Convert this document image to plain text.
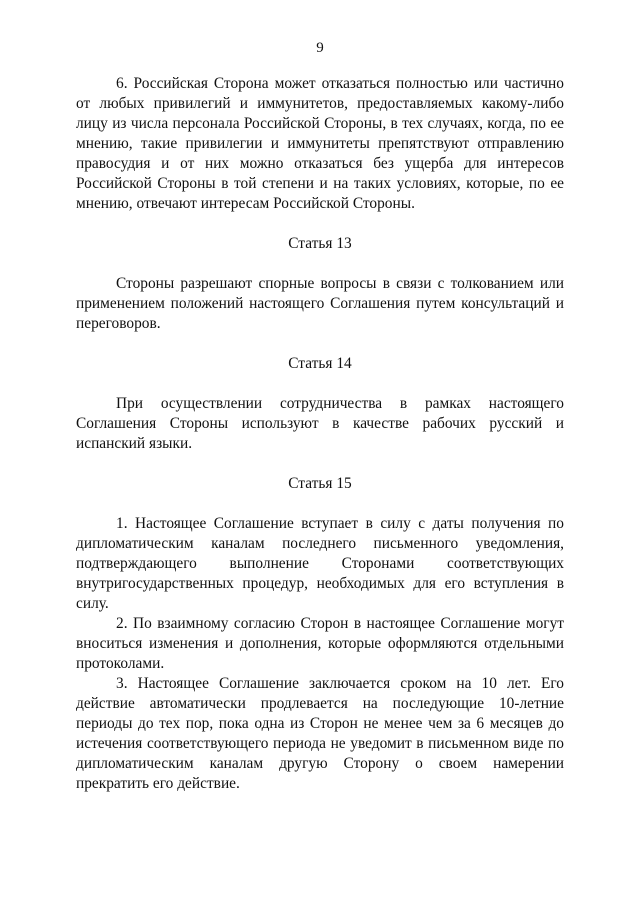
9

6. Российская Сторона может отказаться полностью или частично от любых привилегий и иммунитетов, предоставляемых какому-либо лицу из числа персонала Российской Стороны, в тех случаях, когда, по ее мнению, такие привилегии и иммунитеты препятствуют отправлению правосудия и от них можно отказаться без ущерба для интересов Российской Стороны в той степени и на таких условиях, которые, по ее мнению, отвечают интересам Российской Стороны.

Статья 13

Стороны разрешают спорные вопросы в связи с толкованием или применением положений настоящего Соглашения путем консультаций и переговоров.

Статья 14

При осуществлении сотрудничества в рамках настоящего Соглашения Стороны используют в качестве рабочих русский и испанский языки.

Статья 15

1. Настоящее Соглашение вступает в силу с даты получения по дипломатическим каналам последнего письменного уведомления, подтверждающего выполнение Сторонами соответствующих внутригосударственных процедур, необходимых для его вступления в силу.

2. По взаимному согласию Сторон в настоящее Соглашение могут вноситься изменения и дополнения, которые оформляются отдельными протоколами.

3. Настоящее Соглашение заключается сроком на 10 лет. Его действие автоматически продлевается на последующие 10-летние периоды до тех пор, пока одна из Сторон не менее чем за 6 месяцев до истечения соответствующего периода не уведомит в письменном виде по дипломатическим каналам другую Сторону о своем намерении прекратить его действие.
